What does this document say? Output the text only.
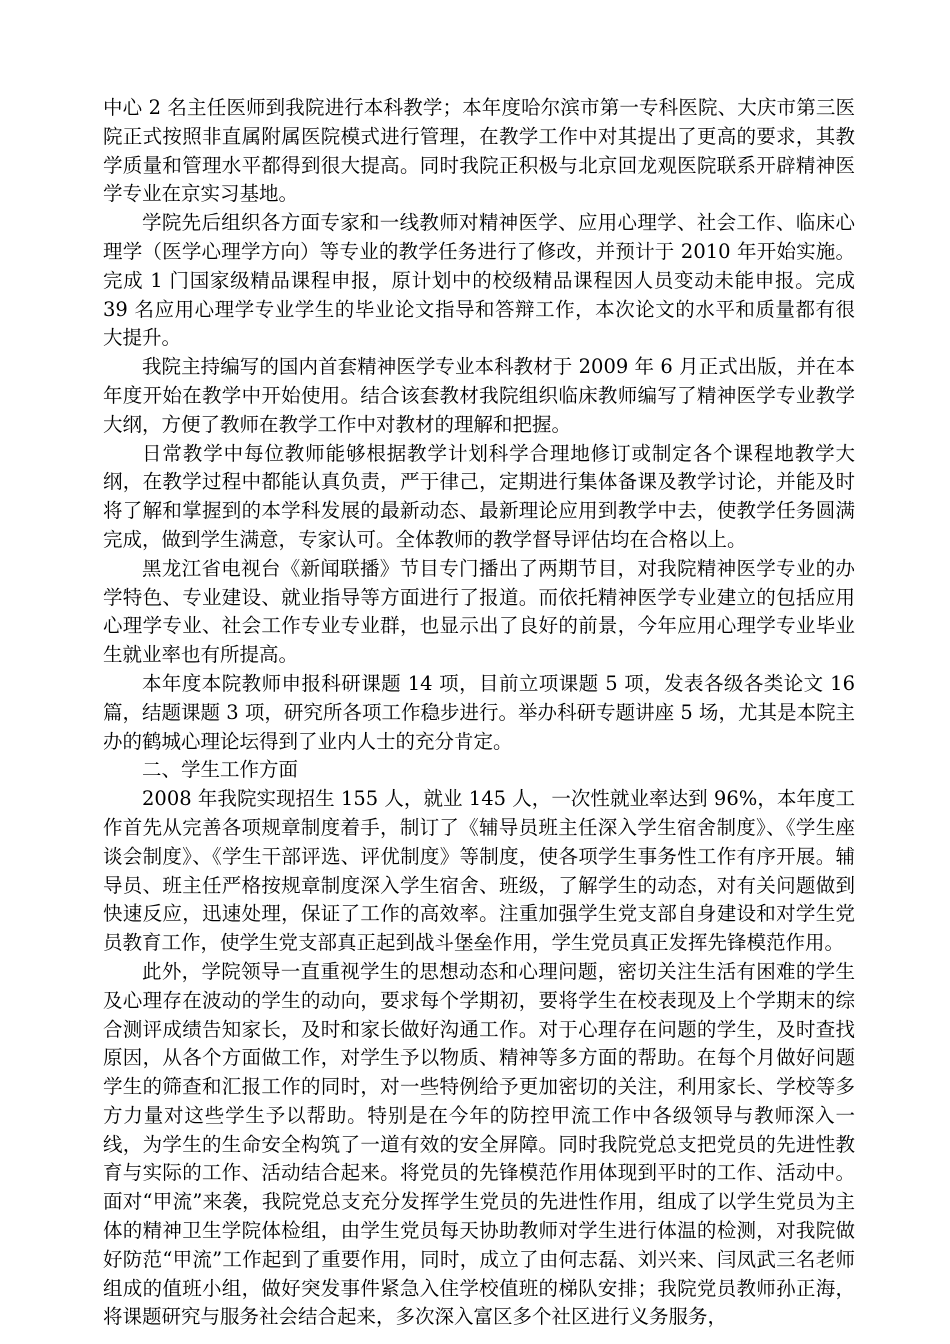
中心 2 名主任医师到我院进行本科教学；本年度哈尔滨市第一专科医院、大庆市第三医院正式按照非直属附属医院模式进行管理，在教学工作中对其提出了更高的要求，其教学质量和管理水平都得到很大提高。同时我院正积极与北京回龙观医院联系开辟精神医学专业在京实习基地。

学院先后组织各方面专家和一线教师对精神医学、应用心理学、社会工作、临床心理学（医学心理学方向）等专业的教学任务进行了修改，并预计于 2010 年开始实施。完成 1 门国家级精品课程申报，原计划中的校级精品课程因人员变动未能申报。完成 39 名应用心理学专业学生的毕业论文指导和答辩工作，本次论文的水平和质量都有很大提升。

我院主持编写的国内首套精神医学专业本科教材于 2009 年 6 月正式出版，并在本年度开始在教学中开始使用。结合该套教材我院组织临床教师编写了精神医学专业教学大纲，方便了教师在教学工作中对教材的理解和把握。

日常教学中每位教师能够根据教学计划科学合理地修订或制定各个课程地教学大纲，在教学过程中都能认真负责，严于律己，定期进行集体备课及教学讨论，并能及时将了解和掌握到的本学科发展的最新动态、最新理论应用到教学中去，使教学任务圆满完成，做到学生满意，专家认可。全体教师的教学督导评估均在合格以上。

黑龙江省电视台《新闻联播》节目专门播出了两期节目，对我院精神医学专业的办学特色、专业建设、就业指导等方面进行了报道。而依托精神医学专业建立的包括应用心理学专业、社会工作专业专业群，也显示出了良好的前景，今年应用心理学专业毕业生就业率也有所提高。

本年度本院教师申报科研课题 14 项，目前立项课题 5 项，发表各级各类论文 16 篇，结题课题 3 项，研究所各项工作稳步进行。举办科研专题讲座 5 场，尤其是本院主办的鹤城心理论坛得到了业内人士的充分肯定。

二、学生工作方面

2008 年我院实现招生 155 人，就业 145 人，一次性就业率达到 96%，本年度工作首先从完善各项规章制度着手，制订了《辅导员班主任深入学生宿舍制度》、《学生座谈会制度》、《学生干部评选、评优制度》等制度，使各项学生事务性工作有序开展。辅导员、班主任严格按规章制度深入学生宿舍、班级，了解学生的动态，对有关问题做到快速反应，迅速处理，保证了工作的高效率。注重加强学生党支部自身建设和对学生党员教育工作，使学生党支部真正起到战斗堡垒作用，学生党员真正发挥先锋模范作用。

此外，学院领导一直重视学生的思想动态和心理问题，密切关注生活有困难的学生及心理存在波动的学生的动向，要求每个学期初，要将学生在校表现及上个学期末的综合测评成绩告知家长，及时和家长做好沟通工作。对于心理存在问题的学生，及时查找原因，从各个方面做工作，对学生予以物质、精神等多方面的帮助。在每个月做好问题学生的筛查和汇报工作的同时，对一些特例给予更加密切的关注，利用家长、学校等多方力量对这些学生予以帮助。特别是在今年的防控甲流工作中各级领导与教师深入一线，为学生的生命安全构筑了一道有效的安全屏障。同时我院党总支把党员的先进性教育与实际的工作、活动结合起来。将党员的先锋模范作用体现到平时的工作、活动中。面对“甲流”来袭，我院党总支充分发挥学生党员的先进性作用，组成了以学生党员为主体的精神卫生学院体检组，由学生党员每天协助教师对学生进行体温的检测，对我院做好防范“甲流”工作起到了重要作用，同时，成立了由何志磊、刘兴来、闫凤武三名老师组成的值班小组，做好突发事件紧急入住学校值班的梯队安排；我院党员教师孙正海，将课题研究与服务社会结合起来，多次深入富区多个社区进行义务服务，
